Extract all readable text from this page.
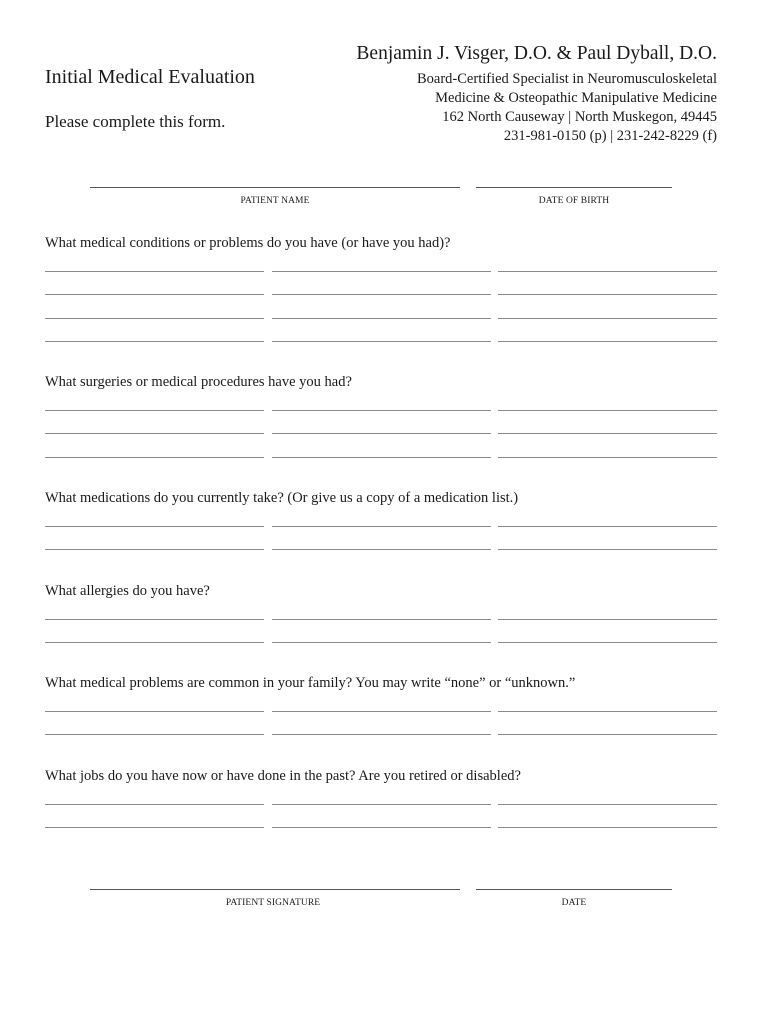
Initial Medical Evaluation
Please complete this form.
Benjamin J. Visger, D.O. & Paul Dyball, D.O.
Board-Certified Specialist in Neuromusculoskeletal
Medicine & Osteopathic Manipulative Medicine
162 North Causeway | North Muskegon, 49445
231-981-0150 (p) | 231-242-8229 (f)
PATIENT NAME	DATE OF BIRTH
What medical conditions or problems do you have (or have you had)?
What surgeries or medical procedures have you had?
What medications do you currently take? (Or give us a copy of a medication list.)
What allergies do you have?
What medical problems are common in your family? You may write “none” or “unknown.”
What jobs do you have now or have done in the past? Are you retired or disabled?
PATIENT SIGNATURE	DATE
